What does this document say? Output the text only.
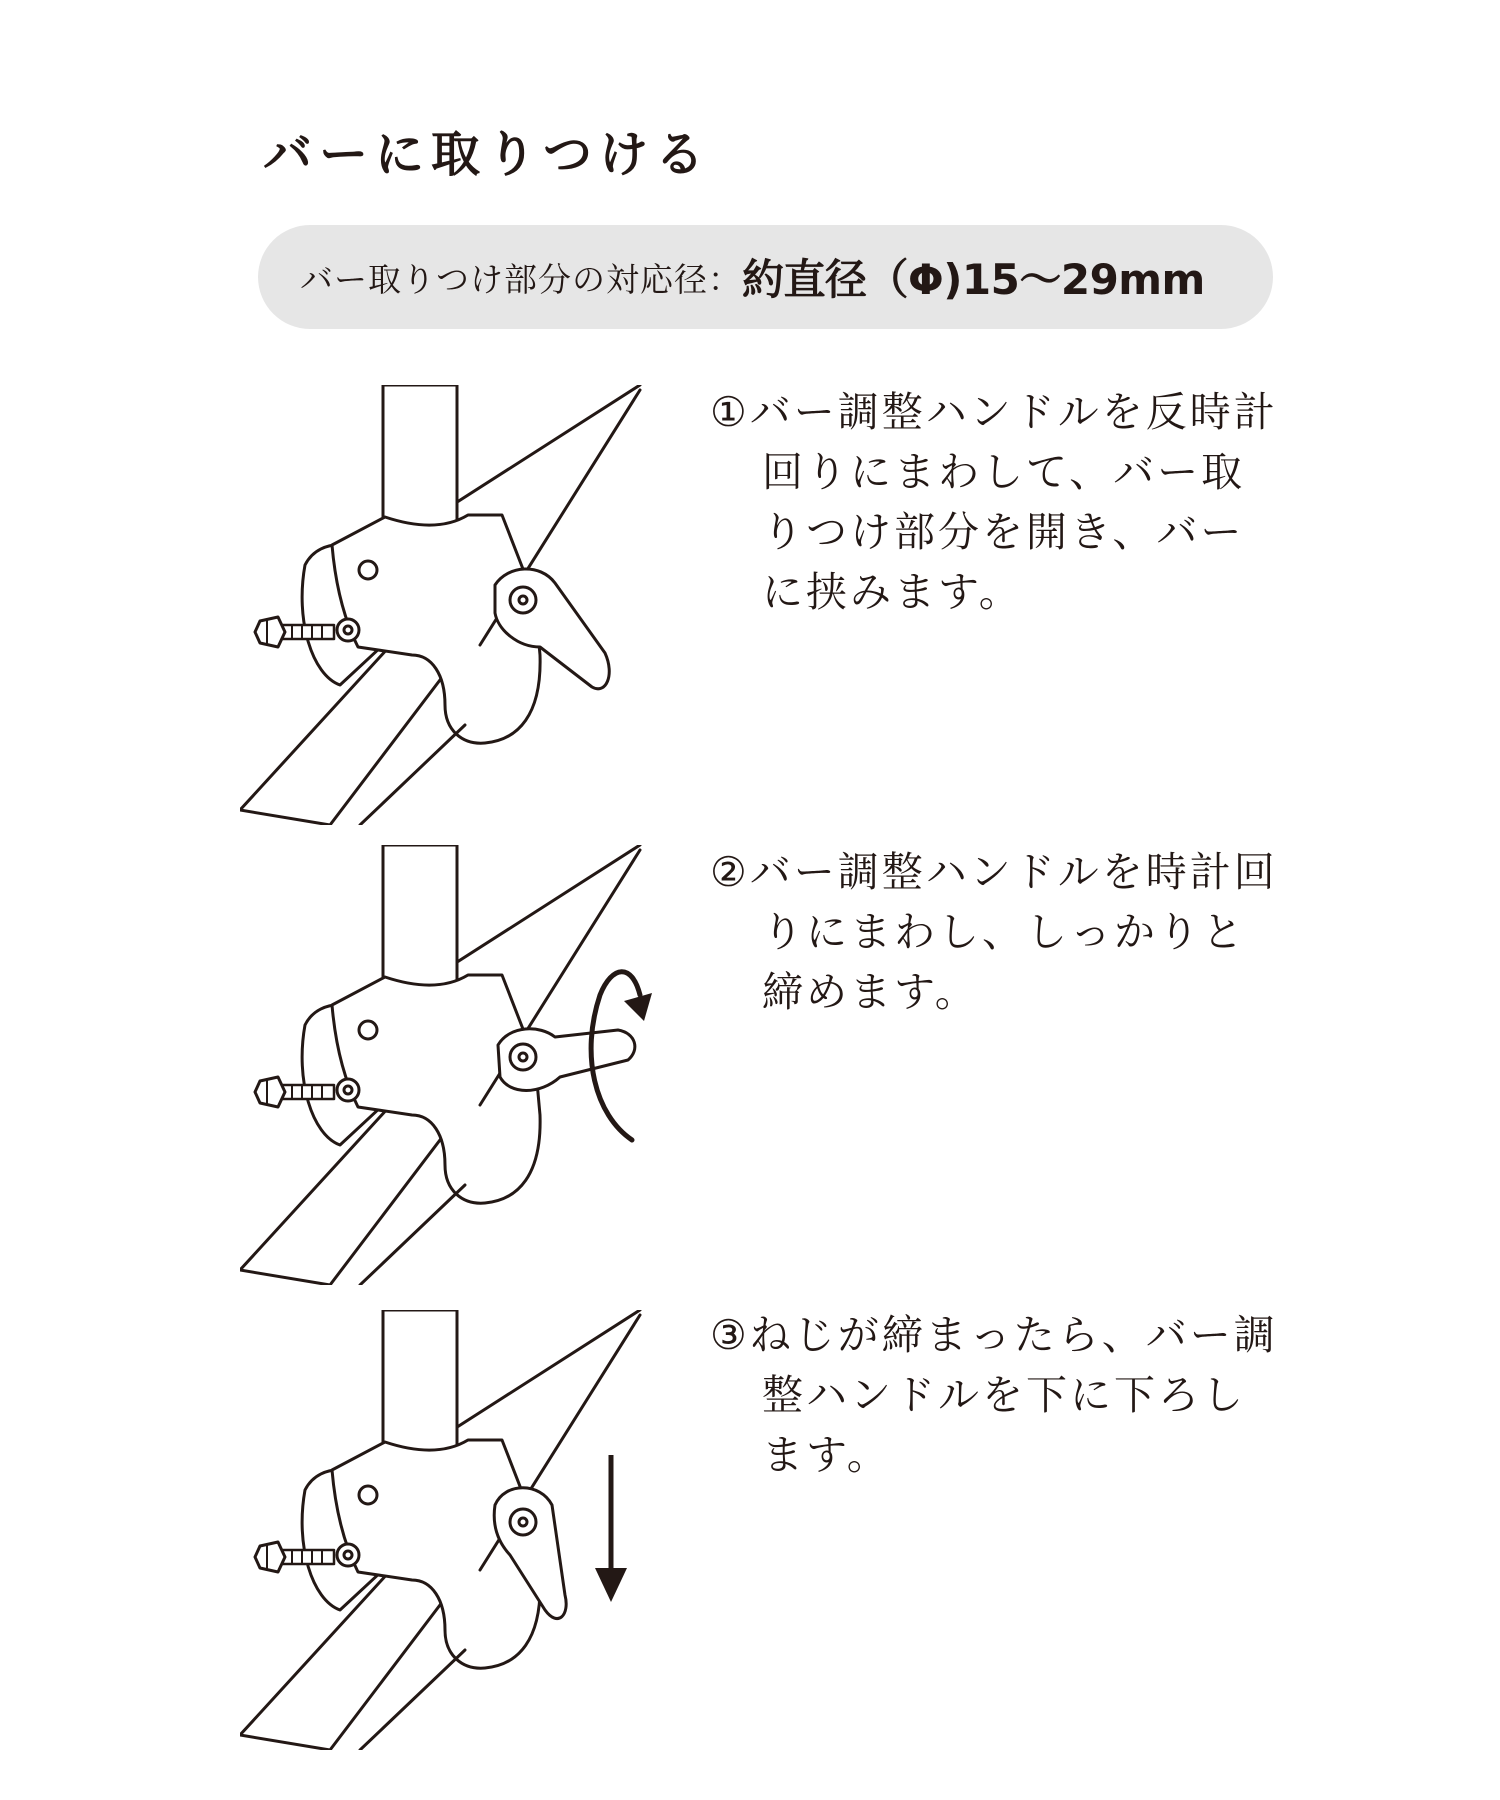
バーに取りつける
バー取りつけ部分の対応径： 約直径（Φ)15～29mm

①バー調整ハンドルを反時計回りにまわして、バー取りつけ部分を開き、バーに挟みます。

②バー調整ハンドルを時計回りにまわし、しっかりと締めます。

③ねじが締まったら、バー調整ハンドルを下に下ろします。
